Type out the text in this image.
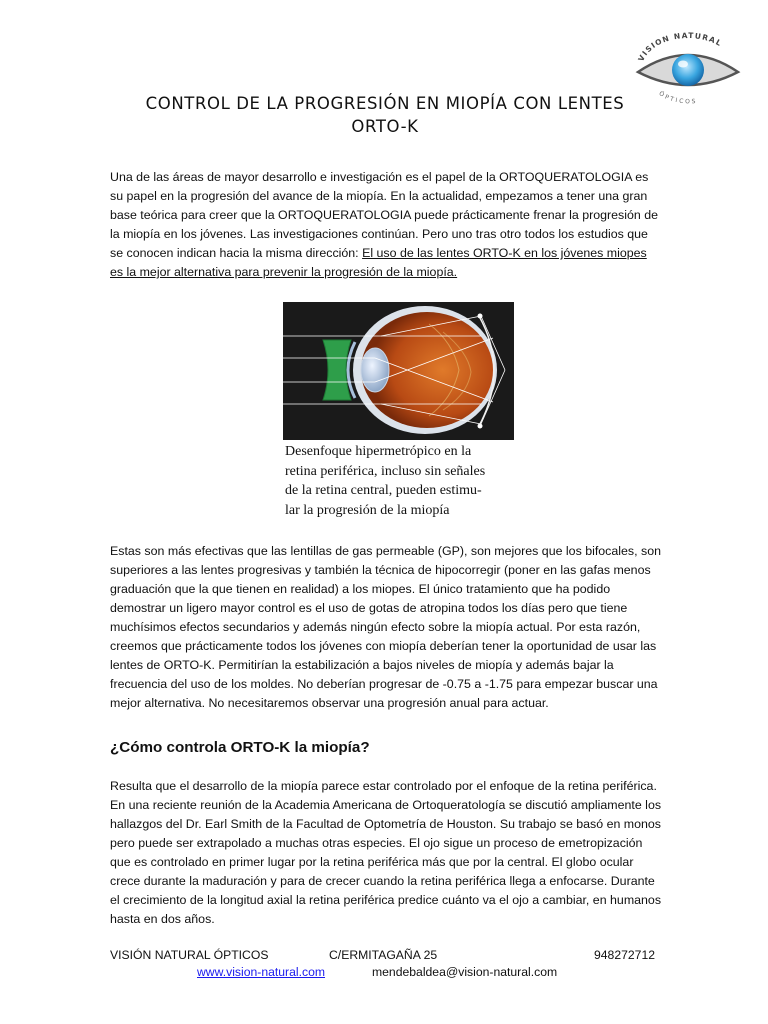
VISION NATURAL
ÓPTICOS
CONTROL DE LA PROGRESIÓN EN MIOPÍA CON LENTES
ORTO-K

Una de las áreas de mayor desarrollo e investigación es el papel de la ORTOQUERATOLOGIA es su papel en la progresión del avance de la miopía. En la actualidad, empezamos a tener una gran base teórica para creer que la ORTOQUERATOLOGIA puede prácticamente frenar la progresión de la miopía en los jóvenes. Las investigaciones continúan. Pero uno tras otro todos los estudios que se conocen indican hacia la misma dirección: El uso de las lentes ORTO-K en los jóvenes miopes es la mejor alternativa para prevenir la progresión de la miopía.

Desenfoque hipermetrópico en la
retina periférica, incluso sin señales
de la retina central, pueden estimu-
lar la progresión de la miopía

Estas son más efectivas que las lentillas de gas permeable (GP), son mejores que los bifocales, son superiores a las lentes progresivas y también la técnica de hipocorregir (poner en las gafas menos graduación que la que tienen en realidad) a los miopes. El único tratamiento que ha podido demostrar un ligero mayor control es el uso de gotas de atropina todos los días pero que tiene muchísimos efectos secundarios y además ningún efecto sobre la miopía actual. Por esta razón, creemos que prácticamente todos los jóvenes con miopía deberían tener la oportunidad de usar las lentes de ORTO-K. Permitirían la estabilización a bajos niveles de miopía y además bajar la frecuencia del uso de los moldes. No deberían progresar de -0.75 a -1.75 para empezar buscar una mejor alternativa. No necesitaremos observar una progresión anual para actuar.

¿Cómo controla ORTO-K la miopía?

Resulta que el desarrollo de la miopía parece estar controlado por el enfoque de la retina periférica. En una reciente reunión de la Academia Americana de Ortoqueratología se discutió ampliamente los hallazgos del Dr. Earl Smith de la Facultad de Optometría de Houston. Su trabajo se basó en monos pero puede ser extrapolado a muchas otras especies. El ojo sigue un proceso de emetropización que es controlado en primer lugar por la retina periférica más que por la central. El globo ocular crece durante la maduración y para de crecer cuando la retina periférica llega a enfocarse. Durante el crecimiento de la longitud axial la retina periférica predice cuánto va el ojo a cambiar, en humanos hasta en dos años.

VISIÓN NATURAL ÓPTICOS	C/ERMITAGAÑA 25	948272712
www.vision-natural.com	mendebaldea@vision-natural.com
